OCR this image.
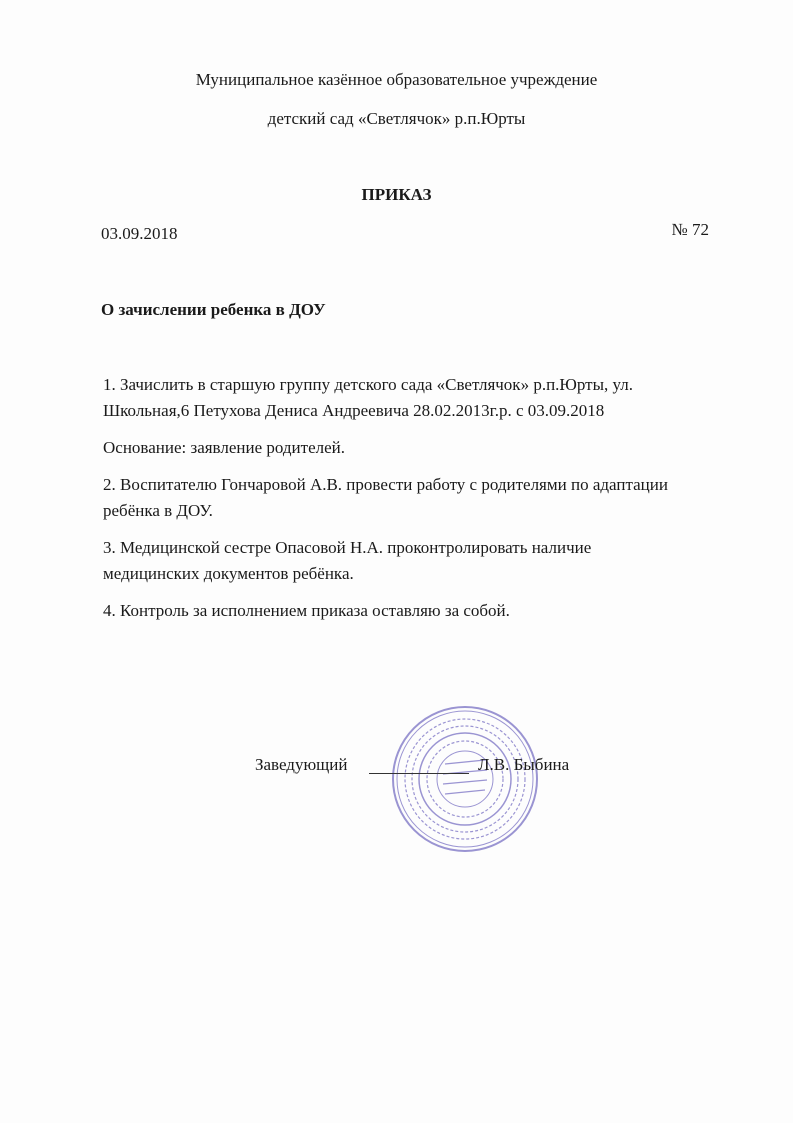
Муниципальное казённое образовательное учреждение
детский сад «Светлячок» р.п.Юрты
ПРИКАЗ
03.09.2018	№ 72
О зачислении ребенка в ДОУ
1. Зачислить в старшую группу детского сада «Светлячок» р.п.Юрты, ул.
Школьная,6 Петухова Дениса Андреевича 28.02.2013г.р. с 03.09.2018
Основание: заявление родителей.
2. Воспитателю Гончаровой А.В. провести работу с родителями по адаптации
ребёнка в ДОУ.
3. Медицинской сестре Опасовой Н.А. проконтролировать наличие
медицинских документов ребёнка.
4. Контроль за исполнением приказа оставляю за собой.
Заведующий	Л.В. Быбина
